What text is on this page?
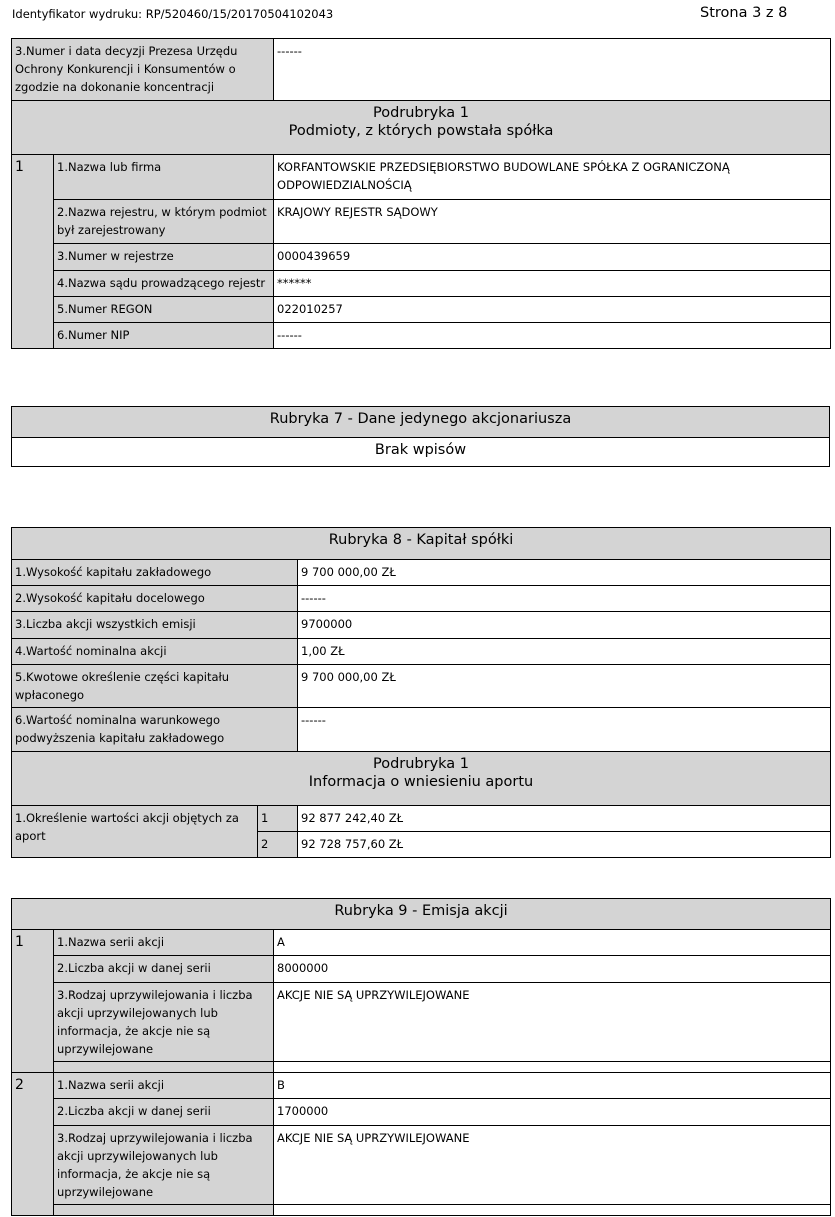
Identyfikator wydruku: RP/520460/15/20170504102043	Strona 3 z 8
3.Numer i data decyzji Prezesa Urzędu Ochrony Konkurencji i Konsumentów o zgodzie na dokonanie koncentracji		------

Podrubryka 1
Podmioty, z których powstała spółka		

1	1.Nazwa lub firma	KORFANTOWSKIE PRZEDSIĘBIORSTWO BUDOWLANE SPÓŁKA Z OGRANICZONĄ ODPOWIEDZIALNOŚCIĄ
	2.Nazwa rejestru, w którym podmiot był zarejestrowany	KRAJOWY REJESTR SĄDOWY
	3.Numer w rejestrze	0000439659
	4.Nazwa sądu prowadzącego rejestr	******
	5.Numer REGON	022010257
	6.Numer NIP	------
Rubryka 7 - Dane jedynego akcjonariusza
Brak wpisów
Rubryka 8 - Kapitał spółki		
1.Wysokość kapitału zakładowego		9 700 000,00 ZŁ
2.Wysokość kapitału docelowego		------
3.Liczba akcji wszystkich emisji		9700000
4.Wartość nominalna akcji		1,00 ZŁ
5.Kwotowe określenie części kapitału wpłaconego		9 700 000,00 ZŁ
6.Wartość nominalna warunkowego podwyższenia kapitału zakładowego		------

Podrubryka 1
Informacja o wniesieniu aportu		

1.Określenie wartości akcji objętych za aport	1	92 877 242,40 ZŁ
	2	92 728 757,60 ZŁ
Rubryka 9 - Emisja akcji		
1	1.Nazwa serii akcji	A
	2.Liczba akcji w danej serii	8000000
	3.Rodzaj uprzywilejowania i liczba akcji uprzywilejowanych lub informacja, że akcje nie są uprzywilejowane	AKCJE NIE SĄ UPRZYWILEJOWANE

2	1.Nazwa serii akcji	B
	2.Liczba akcji w danej serii	1700000
	3.Rodzaj uprzywilejowania i liczba akcji uprzywilejowanych lub informacja, że akcje nie są uprzywilejowane	AKCJE NIE SĄ UPRZYWILEJOWANE
